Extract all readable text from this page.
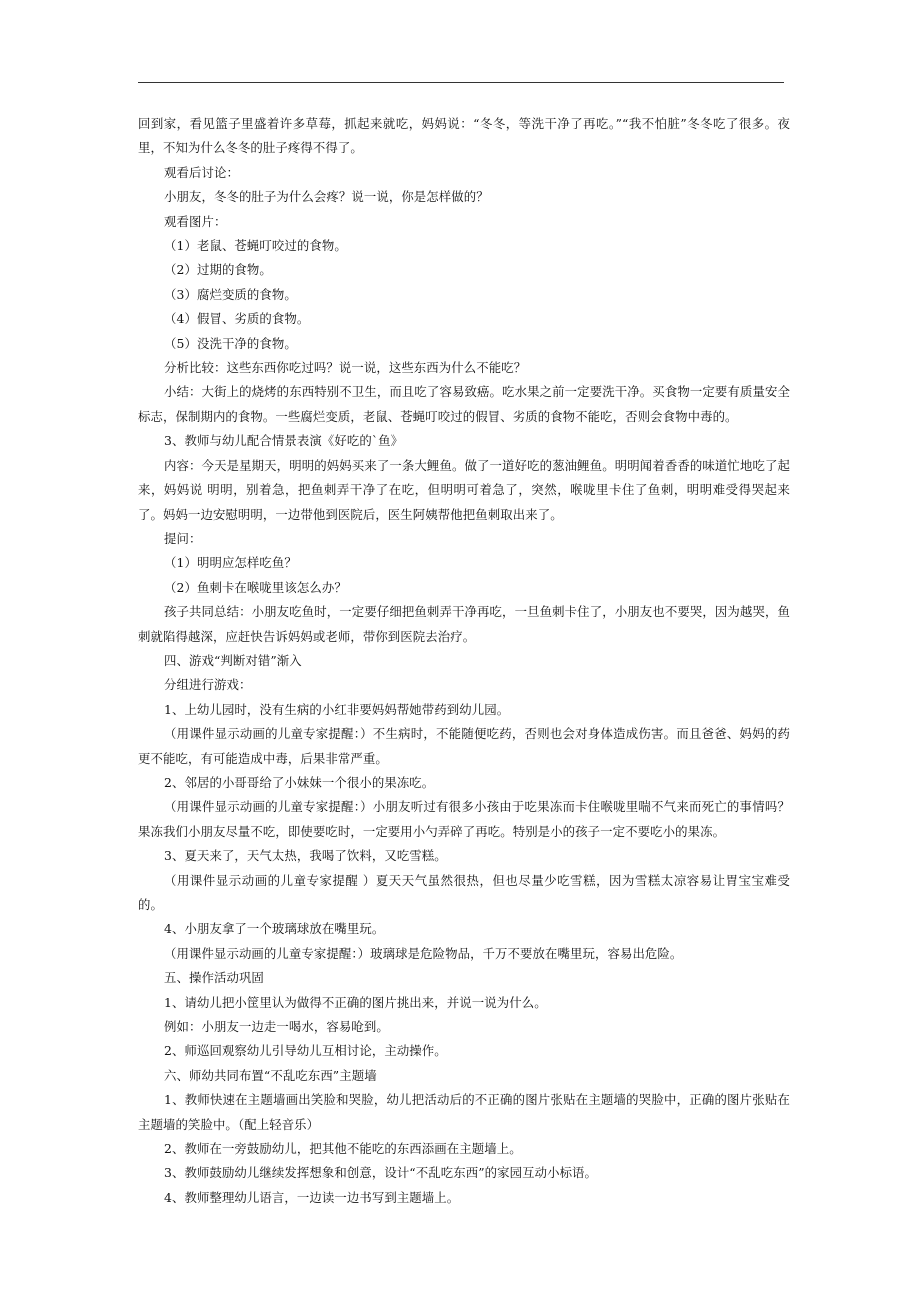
回到家，看见篮子里盛着许多草莓，抓起来就吃，妈妈说：“冬冬，等洗干净了再吃。”“我不怕脏”冬冬吃了很多。夜里，不知为什么冬冬的肚子疼得不得了。

观看后讨论：

小朋友，冬冬的肚子为什么会疼？说一说，你是怎样做的？

观看图片：

（1）老鼠、苍蝇叮咬过的食物。

（2）过期的食物。

（3）腐烂变质的食物。

（4）假冒、劣质的食物。

（5）没洗干净的食物。

分析比较：这些东西你吃过吗？说一说，这些东西为什么不能吃？

小结：大街上的烧烤的东西特别不卫生，而且吃了容易致癌。吃水果之前一定要洗干净。买食物一定要有质量安全标志，保制期内的食物。一些腐烂变质，老鼠、苍蝇叮咬过的假冒、劣质的食物不能吃，否则会食物中毒的。

3、教师与幼儿配合情景表演《好吃的`鱼》

内容：今天是星期天，明明的妈妈买来了一条大鲤鱼。做了一道好吃的葱油鲤鱼。明明闻着香香的味道忙地吃了起来，妈妈说 明明，别着急，把鱼刺弄干净了在吃，但明明可着急了，突然，喉咙里卡住了鱼刺，明明难受得哭起来了。妈妈一边安慰明明，一边带他到医院后，医生阿姨帮他把鱼刺取出来了。

提问：

（1）明明应怎样吃鱼？

（2）鱼刺卡在喉咙里该怎么办？

孩子共同总结：小朋友吃鱼时，一定要仔细把鱼刺弄干净再吃，一旦鱼刺卡住了，小朋友也不要哭，因为越哭，鱼刺就陷得越深，应赶快告诉妈妈或老师，带你到医院去治疗。

四、游戏“判断对错”渐入

分组进行游戏：

1、上幼儿园时，没有生病的小红非要妈妈帮她带药到幼儿园。

（用课件显示动画的儿童专家提醒：）不生病时，不能随便吃药，否则也会对身体造成伤害。而且爸爸、妈妈的药更不能吃，有可能造成中毒，后果非常严重。

2、邻居的小哥哥给了小妹妹一个很小的果冻吃。

（用课件显示动画的儿童专家提醒：）小朋友听过有很多小孩由于吃果冻而卡住喉咙里喘不气来而死亡的事情吗？果冻我们小朋友尽量不吃，即使要吃时，一定要用小勺弄碎了再吃。特别是小的孩子一定不要吃小的果冻。

3、夏天来了，天气太热，我喝了饮料，又吃雪糕。

（用课件显示动画的儿童专家提醒 ）夏天天气虽然很热，但也尽量少吃雪糕，因为雪糕太凉容易让胃宝宝难受的。

4、小朋友拿了一个玻璃球放在嘴里玩。

（用课件显示动画的儿童专家提醒：）玻璃球是危险物品，千万不要放在嘴里玩，容易出危险。

五、操作活动巩固

1、请幼儿把小筐里认为做得不正确的图片挑出来，并说一说为什么。

例如：小朋友一边走一喝水，容易呛到。

2、师巡回观察幼儿引导幼儿互相讨论，主动操作。

六、师幼共同布置“不乱吃东西”主题墙

1、教师快速在主题墙画出笑脸和哭脸，幼儿把活动后的不正确的图片张贴在主题墙的哭脸中，正确的图片张贴在主题墙的笑脸中。（配上轻音乐）

2、教师在一旁鼓励幼儿，把其他不能吃的东西添画在主题墙上。

3、教师鼓励幼儿继续发挥想象和创意，设计“不乱吃东西”的家园互动小标语。

4、教师整理幼儿语言，一边读一边书写到主题墙上。
